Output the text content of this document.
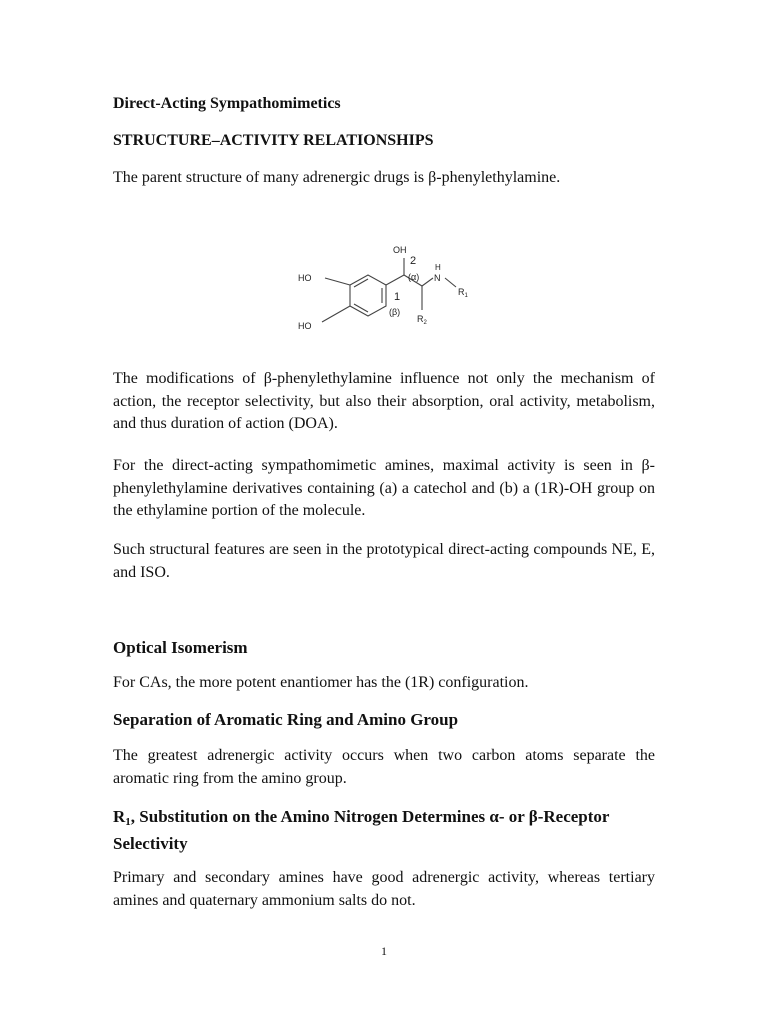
Direct-Acting Sympathomimetics
STRUCTURE–ACTIVITY RELATIONSHIPS

The parent structure of many adrenergic drugs is β-phenylethylamine.

OH
HO
HO
2
(α)
H
N
$R_1$
1
(β)
$R_2$

The modifications of β-phenylethylamine influence not only the mechanism of action, the receptor selectivity, but also their absorption, oral activity, metabolism, and thus duration of action (DOA).

For the direct-acting sympathomimetic amines, maximal activity is seen in β-phenylethylamine derivatives containing (a) a catechol and (b) a (1R)-OH group on the ethylamine portion of the molecule.

Such structural features are seen in the prototypical direct-acting compounds NE, E, and ISO.

Optical Isomerism

For CAs, the more potent enantiomer has the (1R) configuration.

Separation of Aromatic Ring and Amino Group

The greatest adrenergic activity occurs when two carbon atoms separate the aromatic ring from the amino group.

$R_1$, Substitution on the Amino Nitrogen Determines α- or β-Receptor Selectivity

Primary and secondary amines have good adrenergic activity, whereas tertiary amines and quaternary ammonium salts do not.

1
